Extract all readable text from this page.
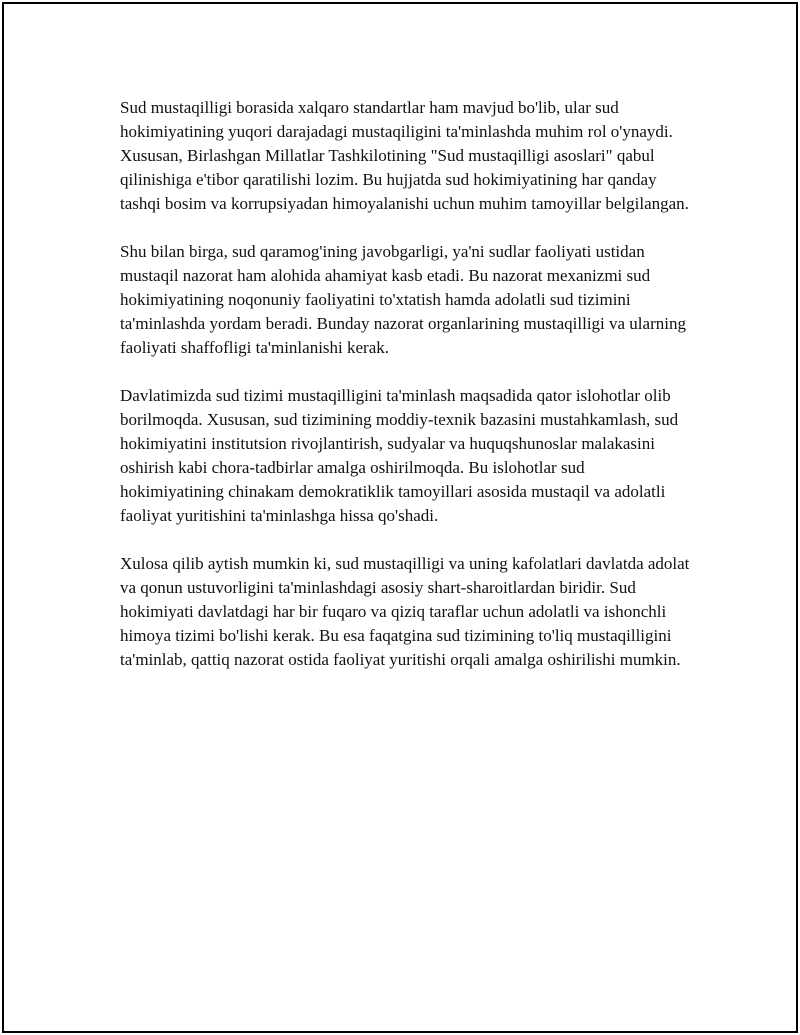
Sud mustaqilligi borasida xalqaro standartlar ham mavjud bo'lib, ular sud hokimiyatining yuqori darajadagi mustaqiligini ta'minlashda muhim rol o'ynaydi. Xususan, Birlashgan Millatlar Tashkilotining "Sud mustaqilligi asoslari" qabul qilinishiga e'tibor qaratilishi lozim. Bu hujjatda sud hokimiyatining har qanday tashqi bosim va korrupsiyadan himoyalanishi uchun muhim tamoyillar belgilangan.

Shu bilan birga, sud qaramog'ining javobgarligi, ya'ni sudlar faoliyati ustidan mustaqil nazorat ham alohida ahamiyat kasb etadi. Bu nazorat mexanizmi sud hokimiyatining noqonuniy faoliyatini to'xtatish hamda adolatli sud tizimini ta'minlashda yordam beradi. Bunday nazorat organlarining mustaqilligi va ularning faoliyati shaffofligi ta'minlanishi kerak.

Davlatimizda sud tizimi mustaqilligini ta'minlash maqsadida qator islohotlar olib borilmoqda. Xususan, sud tizimining moddiy-texnik bazasini mustahkamlash, sud hokimiyatini institutsion rivojlantirish, sudyalar va huquqshunoslar malakasini oshirish kabi chora-tadbirlar amalga oshirilmoqda. Bu islohotlar sud hokimiyatining chinakam demokratiklik tamoyillari asosida mustaqil va adolatli faoliyat yuritishini ta'minlashga hissa qo'shadi.

Xulosa qilib aytish mumkin ki, sud mustaqilligi va uning kafolatlari davlatda adolat va qonun ustuvorligini ta'minlashdagi asosiy shart-sharoitlardan biridir. Sud hokimiyati davlatdagi har bir fuqaro va qiziq taraflar uchun adolatli va ishonchli himoya tizimi bo'lishi kerak. Bu esa faqatgina sud tizimining to'liq mustaqilligini ta'minlab, qattiq nazorat ostida faoliyat yuritishi orqali amalga oshirilishi mumkin.
